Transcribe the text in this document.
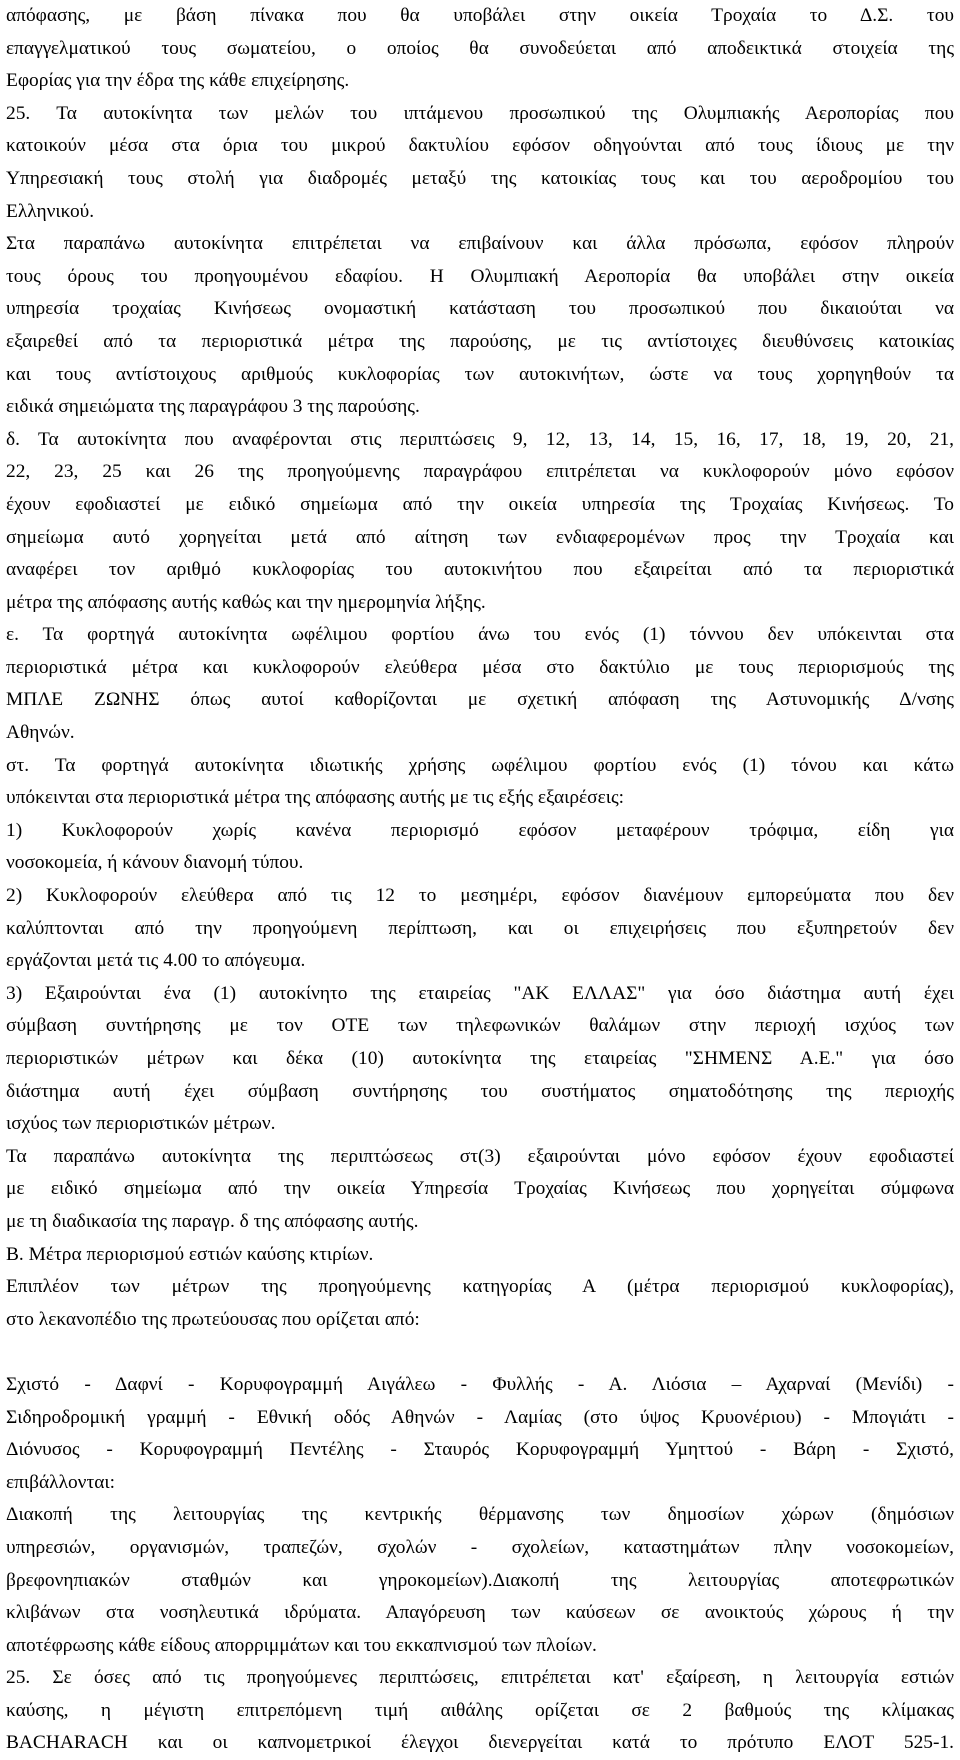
απόφασης, με βάση πίνακα που θα υποβάλει στην οικεία Τροχαία το Δ.Σ. του
επαγγελματικού τους σωματείου, ο οποίος θα συνοδεύεται από αποδεικτικά στοιχεία της
Εφορίας για την έδρα της κάθε επιχείρησης.
25. Τα αυτοκίνητα των μελών του ιπτάμενου προσωπικού της Ολυμπιακής Αεροπορίας που
κατοικούν μέσα στα όρια του μικρού δακτυλίου εφόσον οδηγούνται από τους ίδιους με την
Υπηρεσιακή τους στολή για διαδρομές μεταξύ της κατοικίας τους και του αεροδρομίου του
Ελληνικού.
Στα παραπάνω αυτοκίνητα επιτρέπεται να επιβαίνουν και άλλα πρόσωπα, εφόσον πληρούν
τους όρους του προηγουμένου εδαφίου. Η Ολυμπιακή Αεροπορία θα υποβάλει στην οικεία
υπηρεσία τροχαίας Κινήσεως ονομαστική κατάσταση του προσωπικού που δικαιούται να
εξαιρεθεί από τα περιοριστικά μέτρα της παρούσης, με τις αντίστοιχες διευθύνσεις κατοικίας
και τους αντίστοιχους αριθμούς κυκλοφορίας των αυτοκινήτων, ώστε να τους χορηγηθούν τα
ειδικά σημειώματα της παραγράφου 3 της παρούσης.
δ. Τα αυτοκίνητα που αναφέρονται στις περιπτώσεις 9, 12, 13, 14, 15, 16, 17, 18, 19, 20, 21,
22, 23, 25 και 26 της προηγούμενης παραγράφου επιτρέπεται να κυκλοφορούν μόνο εφόσον
έχουν εφοδιαστεί με ειδικό σημείωμα από την οικεία υπηρεσία της Τροχαίας Κινήσεως. Το
σημείωμα αυτό χορηγείται μετά από αίτηση των ενδιαφερομένων προς την Τροχαία και
αναφέρει τον αριθμό κυκλοφορίας του αυτοκινήτου που εξαιρείται από τα περιοριστικά
μέτρα της απόφασης αυτής καθώς και την ημερομηνία λήξης.
ε. Τα φορτηγά αυτοκίνητα ωφέλιμου φορτίου άνω του ενός (1) τόννου δεν υπόκεινται στα
περιοριστικά μέτρα και κυκλοφορούν ελεύθερα μέσα στο δακτύλιο με τους περιορισμούς της
ΜΠΛΕ ΖΩΝΗΣ όπως αυτοί καθορίζονται με σχετική απόφαση της Αστυνομικής Δ/νσης
Αθηνών.
στ. Τα φορτηγά αυτοκίνητα ιδιωτικής χρήσης ωφέλιμου φορτίου ενός (1) τόνου και κάτω
υπόκεινται στα περιοριστικά μέτρα της απόφασης αυτής με τις εξής εξαιρέσεις:
1) Κυκλοφορούν χωρίς κανένα περιορισμό εφόσον μεταφέρουν τρόφιμα, είδη για
νοσοκομεία, ή κάνουν διανομή τύπου.
2) Κυκλοφορούν ελεύθερα από τις 12 το μεσημέρι, εφόσον διανέμουν εμπορεύματα που δεν
καλύπτονται από την προηγούμενη περίπτωση, και οι επιχειρήσεις που εξυπηρετούν δεν
εργάζονται μετά τις 4.00 το απόγευμα.
3) Εξαιρούνται ένα (1) αυτοκίνητο της εταιρείας "ΑΚ ΕΛΛΑΣ" για όσο διάστημα αυτή έχει
σύμβαση συντήρησης με τον ΟΤΕ των τηλεφωνικών θαλάμων στην περιοχή ισχύος των
περιοριστικών μέτρων και δέκα (10) αυτοκίνητα της εταιρείας "ΣΗΜΕΝΣ Α.Ε." για όσο
διάστημα αυτή έχει σύμβαση συντήρησης του συστήματος σηματοδότησης της περιοχής
ισχύος των περιοριστικών μέτρων.
Τα παραπάνω αυτοκίνητα της περιπτώσεως στ(3) εξαιρούνται μόνο εφόσον έχουν εφοδιαστεί
με ειδικό σημείωμα από την οικεία Υπηρεσία Τροχαίας Κινήσεως που χορηγείται σύμφωνα
με τη διαδικασία της παραγρ. δ της απόφασης αυτής.
Β. Μέτρα περιορισμού εστιών καύσης κτιρίων.
Επιπλέον των μέτρων της προηγούμενης κατηγορίας Α (μέτρα περιορισμού κυκλοφορίας),
στο λεκανοπέδιο της πρωτεύουσας που ορίζεται από:
Σχιστό - Δαφνί - Κορυφογραμμή Αιγάλεω - Φυλλής - Α. Λιόσια – Αχαρναί (Μενίδι) -
Σιδηροδρομική γραμμή - Εθνική οδός Αθηνών - Λαμίας (στο ύψος Κρυονέριου) - Μπογιάτι -
Διόνυσος - Κορυφογραμμή Πεντέλης - Σταυρός Κορυφογραμμή Υμηττού - Βάρη - Σχιστό,
επιβάλλονται:
Διακοπή της λειτουργίας της κεντρικής θέρμανσης των δημοσίων χώρων (δημόσιων
υπηρεσιών, οργανισμών, τραπεζών, σχολών - σχολείων, καταστημάτων πλην νοσοκομείων,
βρεφονηπιακών σταθμών και γηροκομείων).Διακοπή της λειτουργίας αποτεφρωτικών
κλιβάνων στα νοσηλευτικά ιδρύματα. Απαγόρευση των καύσεων σε ανοικτούς χώρους ή την
αποτέφρωσης κάθε είδους απορριμμάτων και του εκκαπνισμού των πλοίων.
25. Σε όσες από τις προηγούμενες περιπτώσεις, επιτρέπεται κατ' εξαίρεση, η λειτουργία εστιών
καύσης, η μέγιστη επιτρεπόμενη τιμή αιθάλης ορίζεται σε 2 βαθμούς της κλίμακας
BACHARACH και οι καπνομετρικοί έλεγχοι διενεργείται κατά το πρότυπο ΕΛΟΤ 525-1.
